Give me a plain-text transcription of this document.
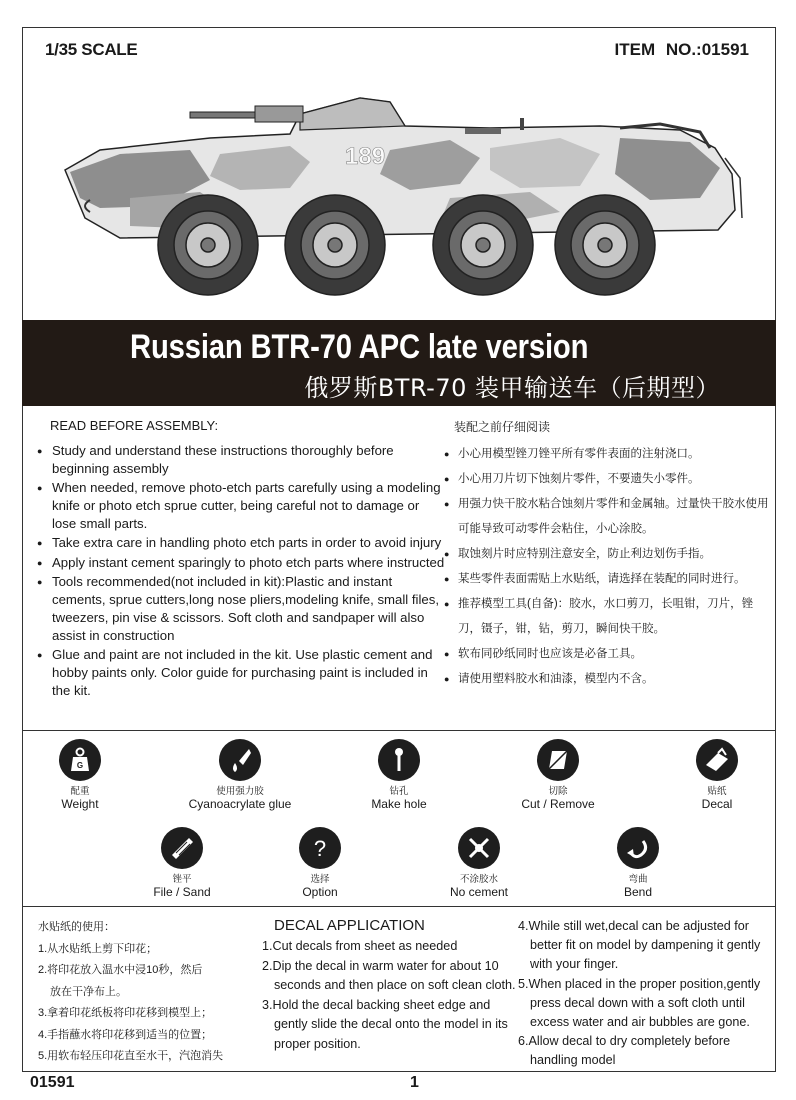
1/35 SCALE	ITEM NO.:01591
189
Russian BTR-70 APC late version
俄罗斯BTR-70 装甲输送车（后期型）
READ BEFORE ASSEMBLY:	装配之前仔细阅读
● Study and understand these instructions thoroughly before beginning assembly
● When needed, remove photo-etch parts carefully using a modeling knife or photo etch sprue cutter, being careful not to damage or lose small parts.
● Take extra care in handling photo etch parts in order to avoid injury
● Apply instant cement sparingly to photo etch parts where instructed
● Tools recommended(not included in kit):Plastic and instant cements, sprue cutters,long nose pliers,modeling knife, small files, tweezers, pin vise & scissors. Soft cloth and sandpaper will also assist in construction
● Glue and paint are not included in the kit. Use plastic cement and hobby paints only. Color guide for purchasing paint is included in the kit.
● 小心用模型锉刀锉平所有零件表面的注射浇口。
● 小心用刀片切下蚀刻片零件，不要遗失小零件。
● 用强力快干胶水粘合蚀刻片零件和金属轴。过量快干胶水使用可能导致可动零件会粘住，小心涂胶。
● 取蚀刻片时应特别注意安全，防止利边划伤手指。
● 某些零件表面需贴上水贴纸，请选择在装配的同时进行。
● 推荐模型工具(自备)：胶水，水口剪刀，长咀钳，刀片，锉刀，镊子，钳，钻，剪刀，瞬间快干胶。
● 软布同砂纸同时也应该是必备工具。
● 请使用塑料胶水和油漆，模型内不含。
G
配重
Weight
使用强力胶
Cyanoacrylate glue
钻孔
Make hole
切除
Cut / Remove
贴纸
Decal
锉平
File / Sand
?
选择
Option
不涂胶水
No cement
弯曲
Bend
水贴纸的使用：
1.从水贴纸上剪下印花；
2.将印花放入温水中浸10秒，然后
放在干净布上。
3.拿着印花纸板将印花移到模型上；
4.手指蘸水将印花移到适当的位置；
5.用软布轻压印花直至水干，汽泡消失
DECAL APPLICATION
1.Cut decals from sheet as needed
2.Dip the decal in warm water for about 10
seconds and then place on soft clean cloth.
3.Hold the decal backing sheet edge and
gently slide the decal onto the model in its
proper position.
4.While still wet,decal can be adjusted for
better fit on model by dampening it gently
with your finger.
5.When placed in the proper position,gently
press decal down with a soft cloth until
excess water and air bubbles are gone.
6.Allow decal to dry completely before
handling model
01591	1
